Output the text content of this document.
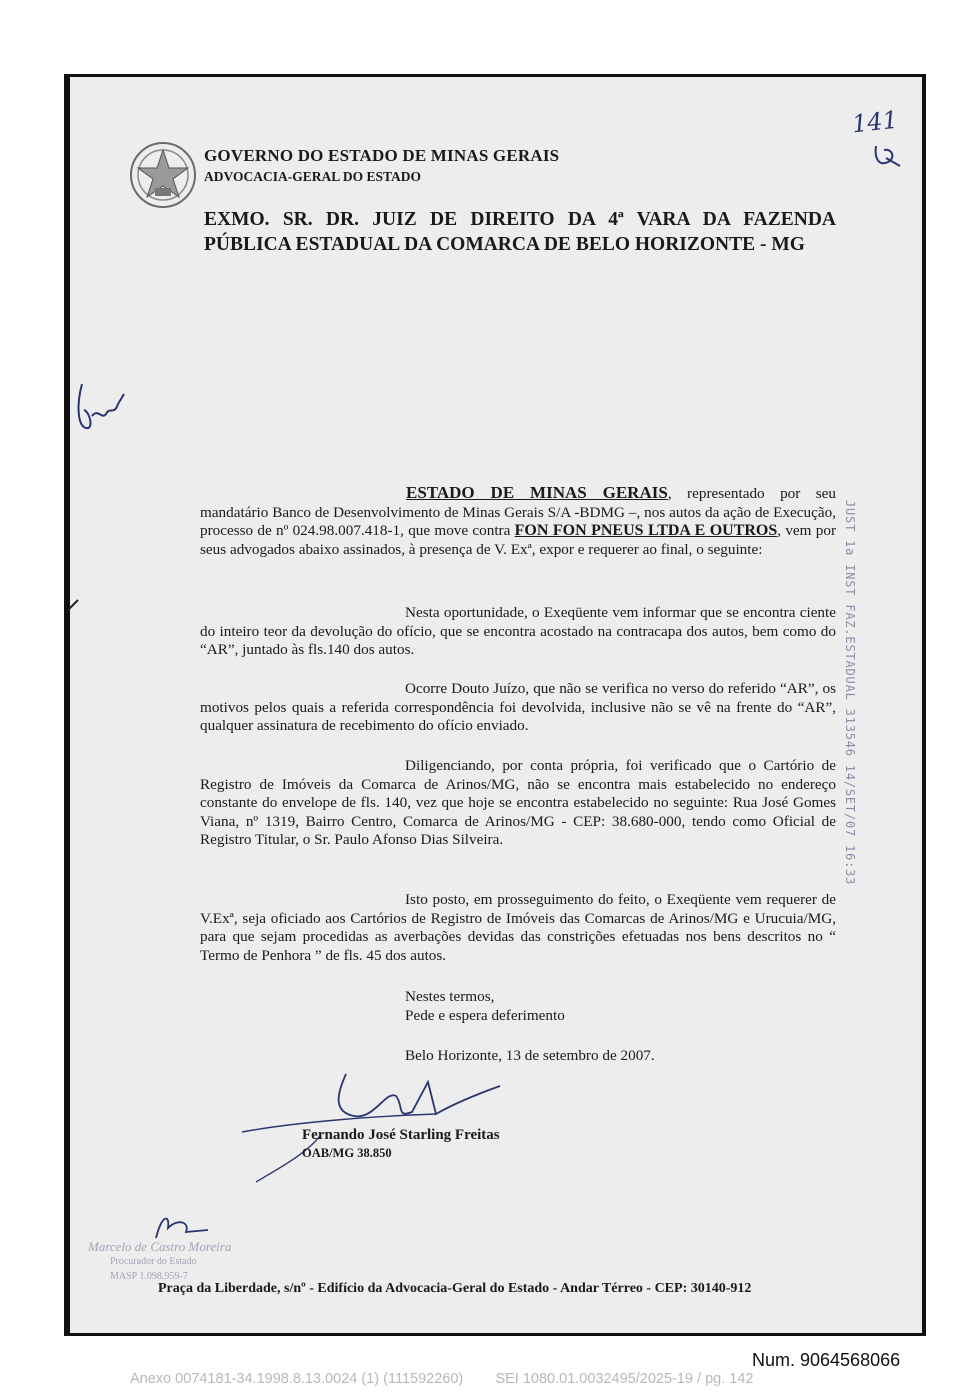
GOVERNO DO ESTADO DE MINAS GERAIS
ADVOCACIA-GERAL DO ESTADO
141
EXMO. SR. DR. JUIZ DE DIREITO DA 4ª VARA DA FAZENDA
PÚBLICA ESTADUAL DA COMARCA DE BELO HORIZONTE - MG
ESTADO DE MINAS GERAIS, representado por seu mandatário Banco de Desenvolvimento de Minas Gerais S/A -BDMG –, nos autos da ação de Execução, processo de nº 024.98.007.418-1, que move contra FON FON PNEUS LTDA E OUTROS, vem por seus advogados abaixo assinados, à presença de V. Exª, expor e requerer ao final, o seguinte:
Nesta oportunidade, o Exeqüente vem informar que se encontra ciente do inteiro teor da devolução do ofício, que se encontra acostado na contracapa dos autos, bem como do “AR”, juntado às fls.140 dos autos.
Ocorre Douto Juízo, que não se verifica no verso do referido “AR”, os motivos pelos quais a referida correspondência foi devolvida, inclusive não se vê na frente do “AR”, qualquer assinatura de recebimento do ofício enviado.
Diligenciando, por conta própria, foi verificado que o Cartório de Registro de Imóveis da Comarca de Arinos/MG, não se encontra mais estabelecido no endereço constante do envelope de fls. 140, vez que hoje se encontra estabelecido no seguinte: Rua José Gomes Viana, nº 1319, Bairro Centro, Comarca de Arinos/MG - CEP: 38.680-000, tendo como Oficial de Registro Titular, o Sr. Paulo Afonso Dias Silveira.
Isto posto, em prosseguimento do feito, o Exeqüente vem requerer de V.Exª, seja oficiado aos Cartórios de Registro de Imóveis das Comarcas de Arinos/MG e Urucuia/MG, para que sejam procedidas as averbações devidas das constrições efetuadas nos bens descritos no “ Termo de Penhora ” de fls. 45 dos autos.
Nestes termos,
Pede e espera deferimento
Belo Horizonte, 13 de setembro de 2007.
Fernando José Starling Freitas
OAB/MG 38.850
Marcelo de Castro Moreira
Procurador do Estado
MASP 1.098.959-7
Praça da Liberdade, s/nº - Edifício da Advocacia-Geral do Estado - Andar Térreo - CEP: 30140-912
JUST 1a INST FAZ.ESTADUAL 313546 14/SET/07 16:33
Num. 9064568066
Anexo 0074181-34.1998.8.13.0024 (1) (111592260)        SEI 1080.01.0032495/2025-19 / pg. 142
